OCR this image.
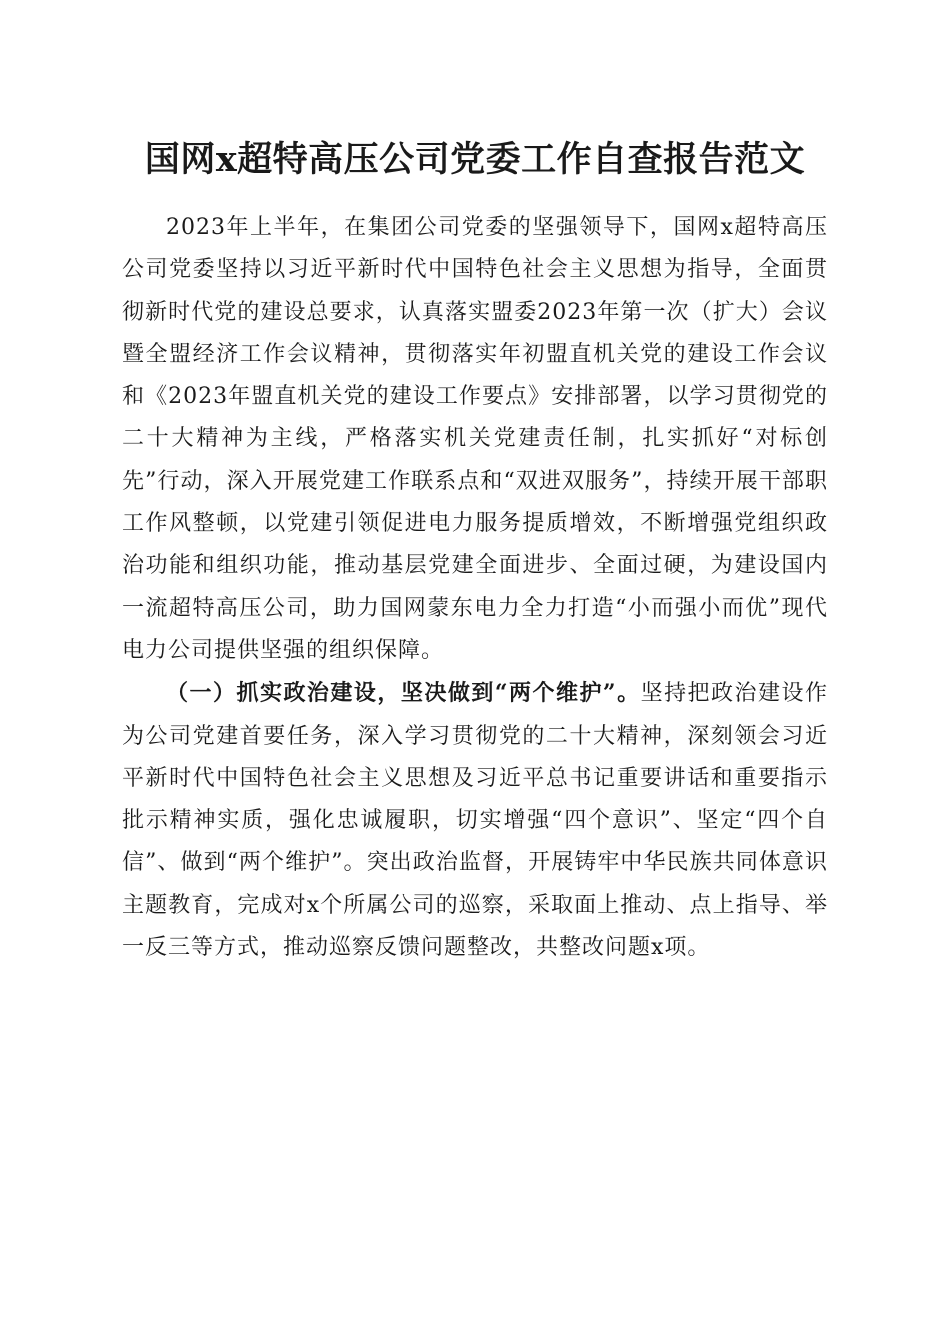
国网x超特高压公司党委工作自查报告范文

2023年上半年，在集团公司党委的坚强领导下，国网x超特高压公司党委坚持以习近平新时代中国特色社会主义思想为指导，全面贯彻新时代党的建设总要求，认真落实盟委2023年第一次（扩大）会议暨全盟经济工作会议精神，贯彻落实年初盟直机关党的建设工作会议和《2023年盟直机关党的建设工作要点》安排部署，以学习贯彻党的二十大精神为主线，严格落实机关党建责任制，扎实抓好“对标创先”行动，深入开展党建工作联系点和“双进双服务”，持续开展干部职工作风整顿，以党建引领促进电力服务提质增效，不断增强党组织政治功能和组织功能，推动基层党建全面进步、全面过硬，为建设国内一流超特高压公司，助力国网蒙东电力全力打造“小而强小而优”现代电力公司提供坚强的组织保障。

（一）抓实政治建设，坚决做到“两个维护”。坚持把政治建设作为公司党建首要任务，深入学习贯彻党的二十大精神，深刻领会习近平新时代中国特色社会主义思想及习近平总书记重要讲话和重要指示批示精神实质，强化忠诚履职，切实增强“四个意识”、坚定“四个自信”、做到“两个维护”。突出政治监督，开展铸牢中华民族共同体意识主题教育，完成对x个所属公司的巡察，采取面上推动、点上指导、举一反三等方式，推动巡察反馈问题整改，共整改问题x项。
